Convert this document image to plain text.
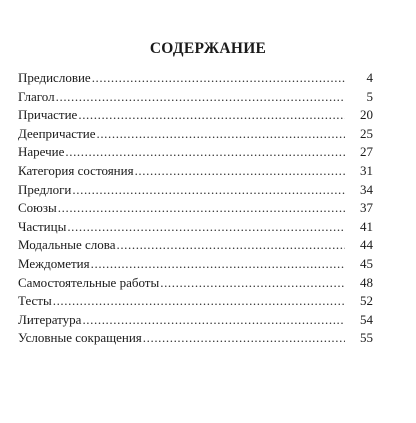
СОДЕРЖАНИЕ
Предисловие .....	4
Глагол .....	5
Причастие .....	20
Деепричастие .....	25
Наречие .....	27
Категория состояния .....	31
Предлоги .....	34
Союзы .....	37
Частицы .....	41
Модальные слова .....	44
Междометия .....	45
Самостоятельные работы .....	48
Тесты .....	52
Литература .....	54
Условные сокращения .....	55
